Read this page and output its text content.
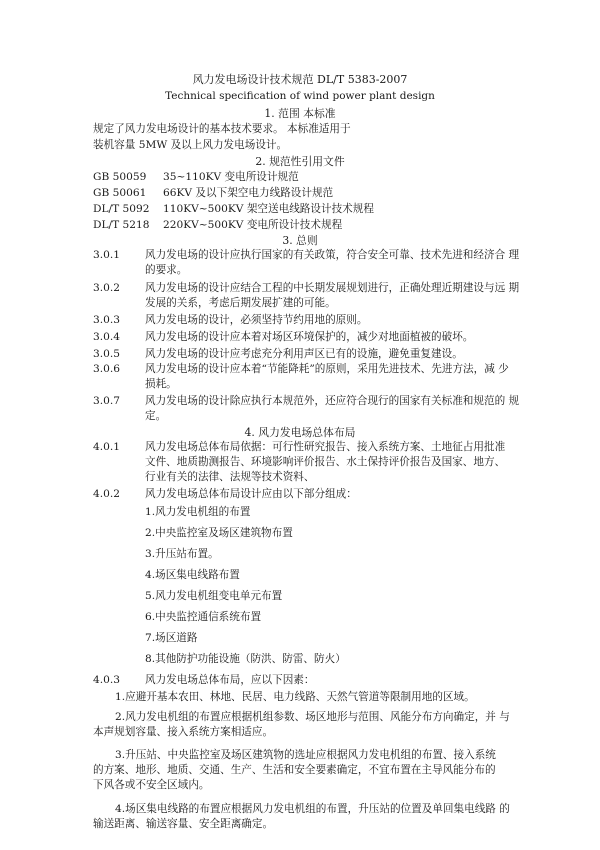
风力发电场设计技术规范 DL/T 5383-2007
Technical specification of wind power plant design
1. 范围 本标准
规定了风力发电场设计的基本技术要求。 本标准适用于
装机容量 5MW 及以上风力发电场设计。
2. 规范性引用文件
GB 50059 35~110KV 变电所设计规范
GB 50061 66KV 及以下架空电力线路设计规范
DL/T 5092 110KV~500KV 架空送电线路设计技术规程
DL/T 5218 220KV~500KV 变电所设计技术规程
3. 总则
3.0.1	风力发电场的设计应执行国家的有关政策，符合安全可靠、技术先进和经济合 理
的要求。
3.0.2	风力发电场的设计应结合工程的中长期发展规划进行，正确处理近期建设与远 期
发展的关系，考虑后期发展扩建的可能。
3.0.3	风力发电场的设计，必须坚持节约用地的原则。
3.0.4	风力发电场的设计应本着对场区环境保护的，减少对地面植被的破坏。
3.0.5	风力发电场的设计应考虑充分利用声区已有的设施，避免重复建设。
3.0.6	风力发电场的设计应本着“节能降耗”的原则，采用先进技术、先进方法，减 少
损耗。
3.0.7	风力发电场的设计除应执行本规范外，还应符合现行的国家有关标准和规范的 规
定。
4. 风力发电场总体布局
4.0.1	风力发电场总体布局依据：可行性研究报告、接入系统方案、土地征占用批准
文件、地质勘测报告、环境影响评价报告、水土保持评价报告及国家、地方、
行业有关的法律、法规等技术资料、
4.0.2	风力发电场总体布局设计应由以下部分组成：
1.风力发电机组的布置
2.中央监控室及场区建筑物布置
3.升压站布置。
4.场区集电线路布置
5.风力发电机组变电单元布置
6.中央监控通信系统布置
7.场区道路
8.其他防护功能设施（防洪、防雷、防火）
4.0.3	风力发电场总体布局，应以下因素：
1.应避开基本农田、林地、民居、电力线路、天然气管道等限制用地的区域。
2.风力发电机组的布置应根据机组参数、场区地形与范围、风能分布方向确定，并 与
本声规划容量、接入系统方案相适应。
3.升压站、中央监控室及场区建筑物的选址应根据风力发电机组的布置、接入系统
的方案、地形、地质、交通、生产、生活和安全要素确定，不宜布置在主导风能分布的
下风各或不安全区域内。
4.场区集电线路的布置应根据风力发电机组的布置，升压站的位置及单回集电线路 的
输送距离、输送容量、安全距离确定。
